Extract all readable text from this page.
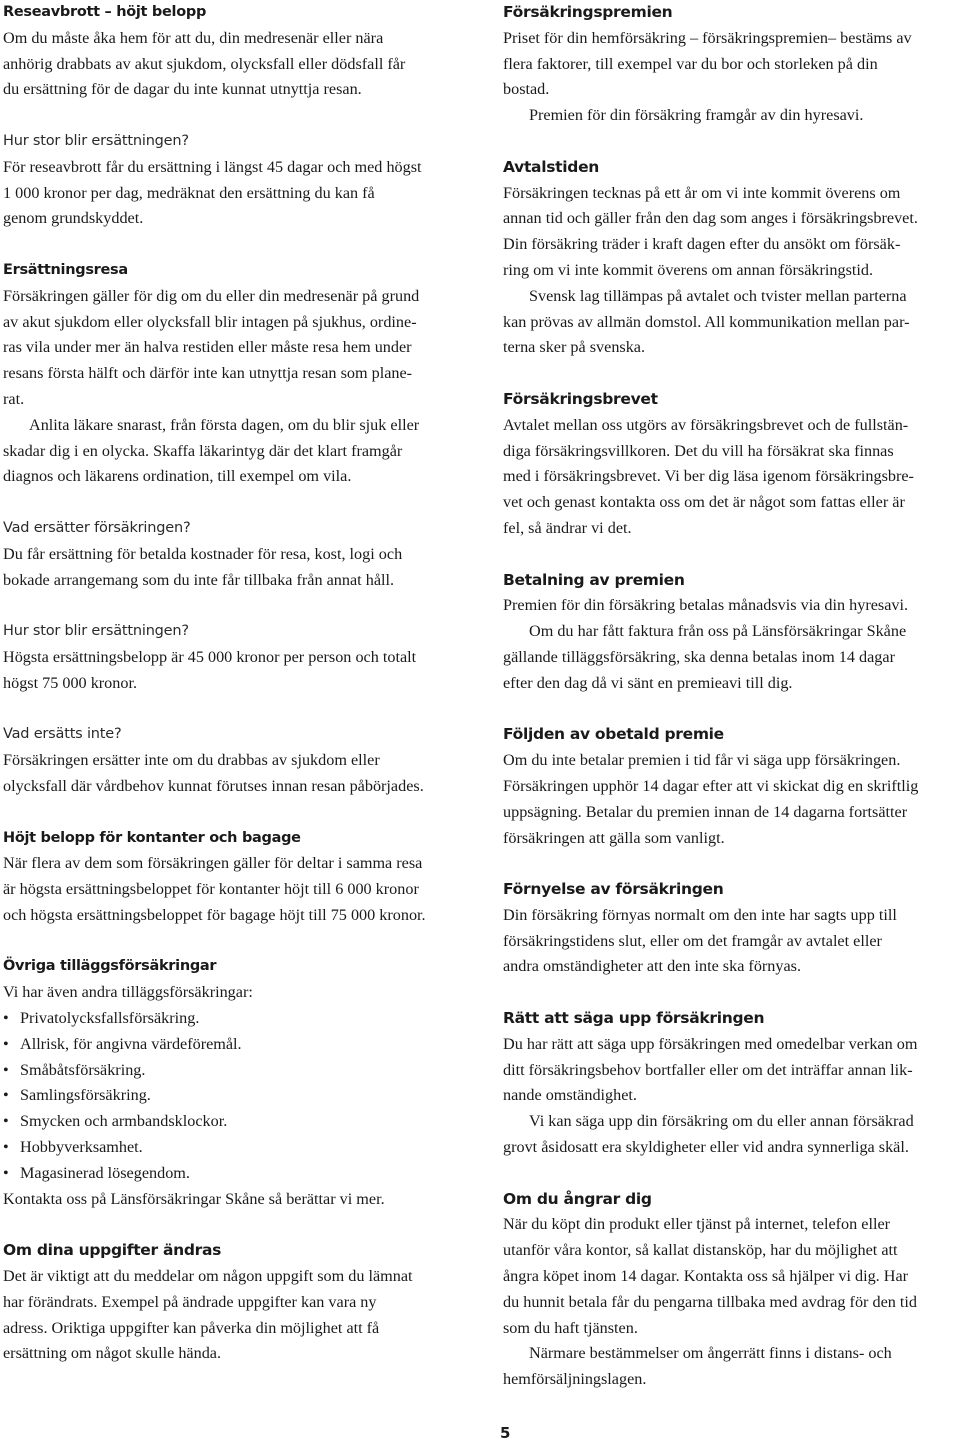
Reseavbrott – höjt belopp

Om du måste åka hem för att du, din medresenär eller nära

anhörig drabbats av akut sjukdom, olycksfall eller dödsfall får

du ersättning för de dagar du inte kunnat utnyttja resan.

Hur stor blir ersättningen?

För reseavbrott får du ersättning i längst 45 dagar och med högst

1 000 kronor per dag, medräknat den ersättning du kan få

genom grundskyddet.

Ersättningsresa

Försäkringen gäller för dig om du eller din medresenär på grund

av akut sjukdom eller olycksfall blir intagen på sjukhus, ordine-

ras vila under mer än halva restiden eller måste resa hem under

resans första hälft och därför inte kan utnyttja resan som plane-

rat.

Anlita läkare snarast, från första dagen, om du blir sjuk eller

skadar dig i en olycka. Skaffa läkarintyg där det klart framgår

diagnos och läkarens ordination, till exempel om vila.

Vad ersätter försäkringen?

Du får ersättning för betalda kostnader för resa, kost, logi och

bokade arrangemang som du inte får tillbaka från annat håll.

Hur stor blir ersättningen?

Högsta ersättningsbelopp är 45 000 kronor per person och totalt

högst 75 000 kronor.

Vad ersätts inte?

Försäkringen ersätter inte om du drabbas av sjukdom eller

olycksfall där vårdbehov kunnat förutses innan resan påbörjades.

Höjt belopp för kontanter och bagage

När flera av dem som försäkringen gäller för deltar i samma resa

är högsta ersättningsbeloppet för kontanter höjt till 6 000 kronor

och högsta ersättningsbeloppet för bagage höjt till 75 000 kronor.

Övriga tilläggsförsäkringar

Vi har även andra tilläggsförsäkringar:

• Privatolycksfallsförsäkring.
• Allrisk, för angivna värdeföremål.
• Småbåtsförsäkring.
• Samlingsförsäkring.
• Smycken och armbandsklockor.
• Hobbyverksamhet.
• Magasinerad lösegendom.

Kontakta oss på Länsförsäkringar Skåne så berättar vi mer.

Om dina uppgifter ändras

Det är viktigt att du meddelar om någon uppgift som du lämnat

har förändrats. Exempel på ändrade uppgifter kan vara ny

adress. Oriktiga uppgifter kan påverka din möjlighet att få

ersättning om något skulle hända.

Försäkringspremien

Priset för din hemförsäkring – försäkringspremien– bestäms av

flera faktorer, till exempel var du bor och storleken på din

bostad.

Premien för din försäkring framgår av din hyresavi.

Avtalstiden

Försäkringen tecknas på ett år om vi inte kommit överens om

annan tid och gäller från den dag som anges i försäkringsbrevet.

Din försäkring träder i kraft dagen efter du ansökt om försäk-

ring om vi inte kommit överens om annan försäkringstid.

Svensk lag tillämpas på avtalet och tvister mellan parterna

kan prövas av allmän domstol. All kommunikation mellan par-

terna sker på svenska.

Försäkringsbrevet

Avtalet mellan oss utgörs av försäkringsbrevet och de fullstän-

diga försäkringsvillkoren. Det du vill ha försäkrat ska finnas

med i försäkringsbrevet. Vi ber dig läsa igenom försäkringsbre-

vet och genast kontakta oss om det är något som fattas eller är

fel, så ändrar vi det.

Betalning av premien

Premien för din försäkring betalas månadsvis via din hyresavi.

Om du har fått faktura från oss på Länsförsäkringar Skåne

gällande tilläggsförsäkring, ska denna betalas inom 14 dagar

efter den dag då vi sänt en premieavi till dig.

Följden av obetald premie

Om du inte betalar premien i tid får vi säga upp försäkringen.

Försäkringen upphör 14 dagar efter att vi skickat dig en skriftlig

uppsägning. Betalar du premien innan de 14 dagarna fortsätter

försäkringen att gälla som vanligt.

Förnyelse av försäkringen

Din försäkring förnyas normalt om den inte har sagts upp till

försäkringstidens slut, eller om det framgår av avtalet eller

andra omständigheter att den inte ska förnyas.

Rätt att säga upp försäkringen

Du har rätt att säga upp försäkringen med omedelbar verkan om

ditt försäkringsbehov bortfaller eller om det inträffar annan lik-

nande omständighet.

Vi kan säga upp din försäkring om du eller annan försäkrad

grovt åsidosatt era skyldigheter eller vid andra synnerliga skäl.

Om du ångrar dig

När du köpt din produkt eller tjänst på internet, telefon eller

utanför våra kontor, så kallat distansköp, har du möjlighet att

ångra köpet inom 14 dagar. Kontakta oss så hjälper vi dig. Har

du hunnit betala får du pengarna tillbaka med avdrag för den tid

som du haft tjänsten.

Närmare bestämmelser om ångerrätt finns i distans- och

hemförsäljningslagen.

5
